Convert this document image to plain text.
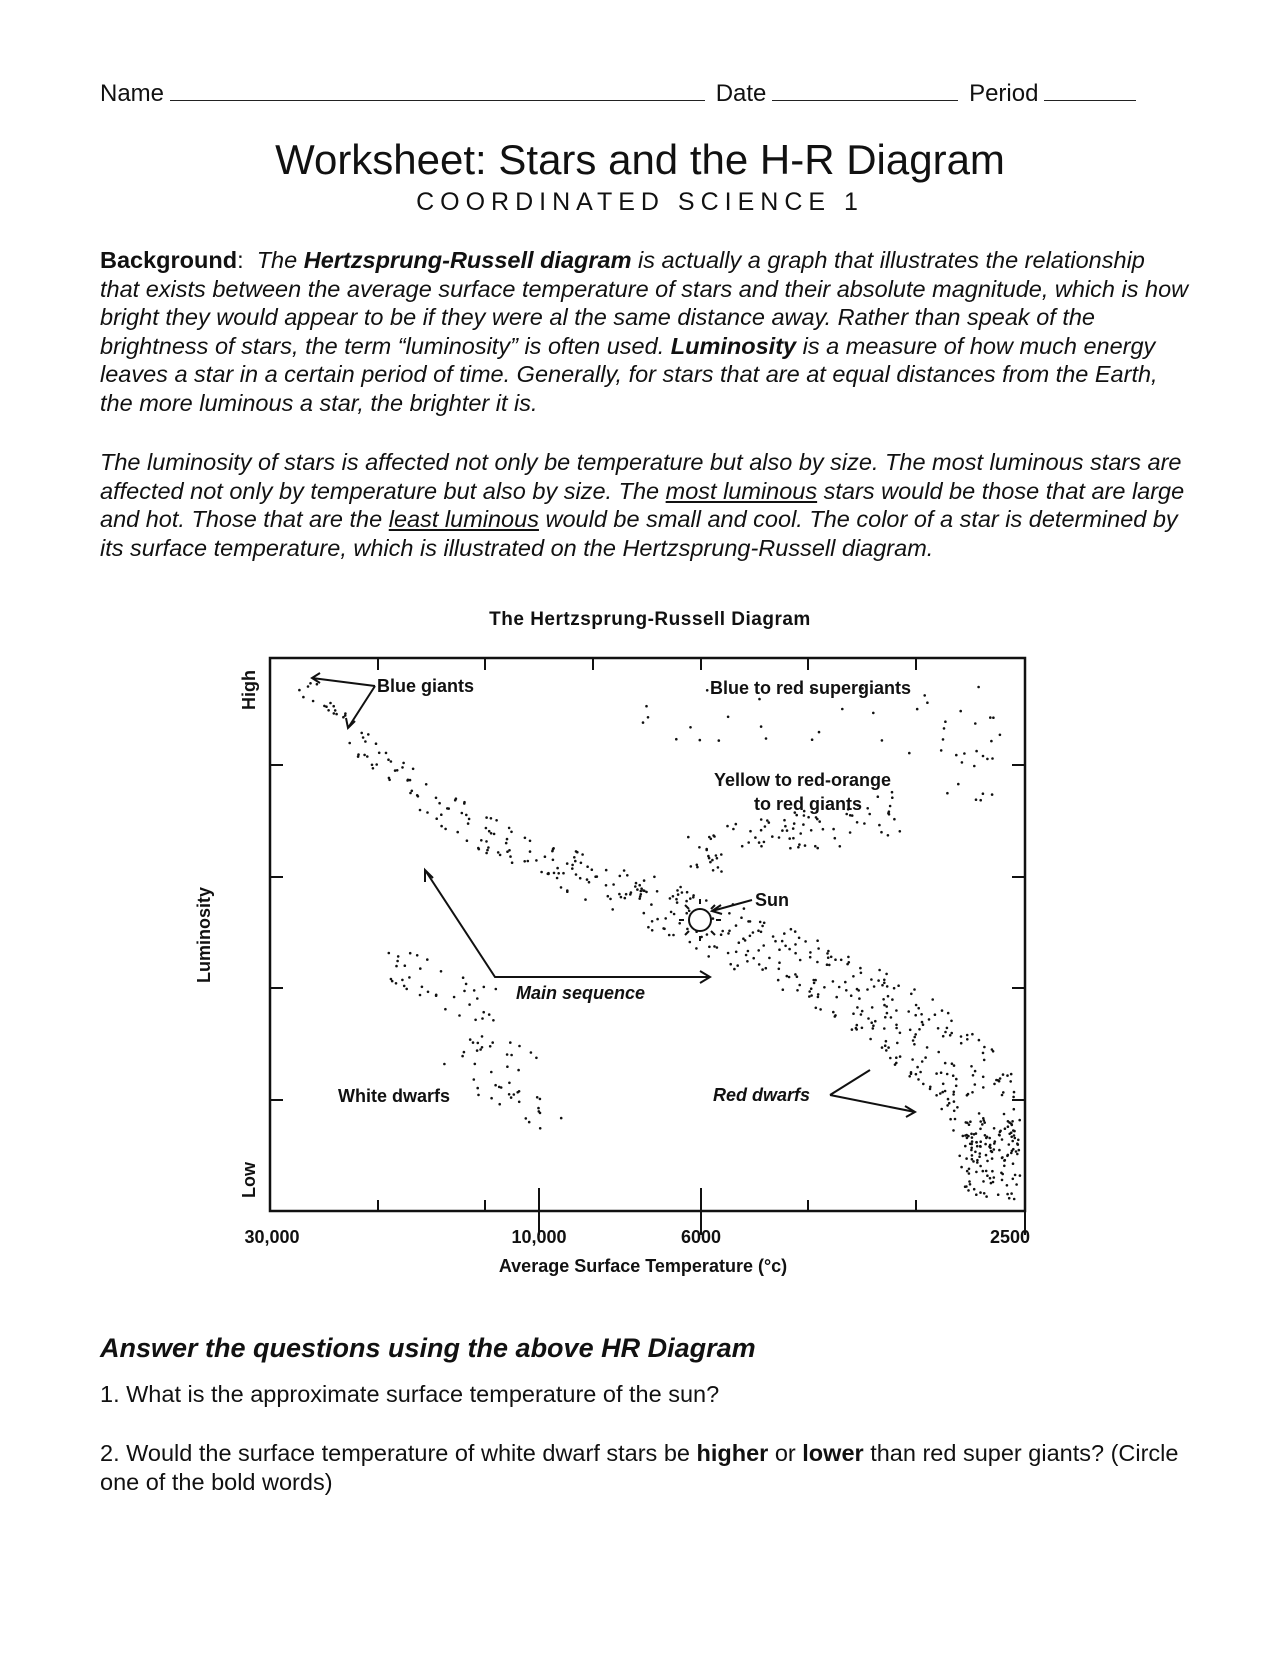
Name	Date	Period
Worksheet: Stars and the H-R Diagram
COORDINATED SCIENCE 1
Background: The Hertzsprung-Russell diagram is actually a graph that illustrates the relationship that exists between the average surface temperature of stars and their absolute magnitude, which is how bright they would appear to be if they were al the same distance away. Rather than speak of the brightness of stars, the term “luminosity” is often used. Luminosity is a measure of how much energy leaves a star in a certain period of time. Generally, for stars that are at equal distances from the Earth, the more luminous a star, the brighter it is.
The luminosity of stars is affected not only be temperature but also by size. The most luminous stars are affected not only by temperature but also by size. The most luminous stars would be those that are large and hot. Those that are the least luminous would be small and cool. The color of a star is determined by its surface temperature, which is illustrated on the Hertzsprung-Russell diagram.
The Hertzsprung-Russell Diagram
High
Low
Luminosity
30,000	10,000	6000	2500
Average Surface Temperature (°c)
Blue giants	Blue to red supergiants
Yellow to red-orange
to red giants
Sun
Main sequence
White dwarfs	Red dwarfs
Answer the questions using the above HR Diagram
1. What is the approximate surface temperature of the sun?
2. Would the surface temperature of white dwarf stars be higher or lower than red super giants? (Circle one of the bold words)
